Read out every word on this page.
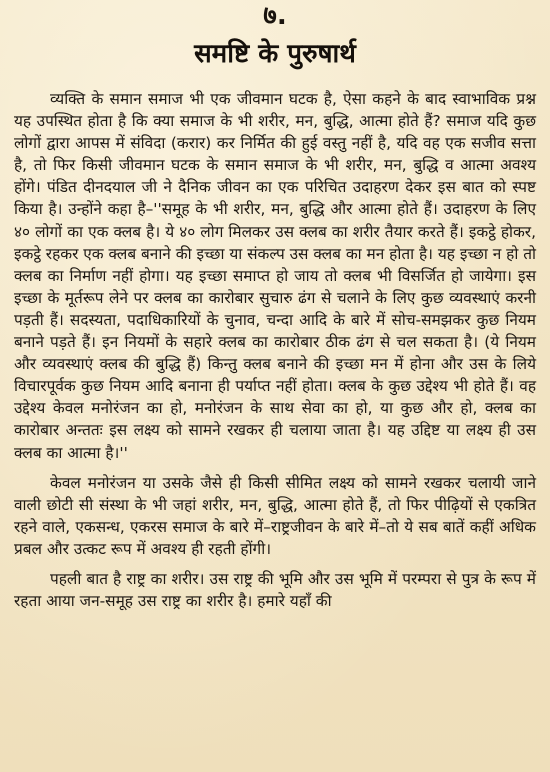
७.
समष्टि के पुरुषार्थ

व्यक्ति के समान समाज भी एक जीवमान घटक है, ऐसा कहने के बाद स्वाभाविक प्रश्न यह उपस्थित होता है कि क्या समाज के भी शरीर, मन, बुद्धि, आत्मा होते हैं? समाज यदि कुछ लोगों द्वारा आपस में संविदा (करार) कर निर्मित की हुई वस्तु नहीं है, यदि वह एक सजीव सत्ता है, तो फिर किसी जीवमान घटक के समान समाज के भी शरीर, मन, बुद्धि व आत्मा अवश्य होंगे। पंडित दीनदयाल जी ने दैनिक जीवन का एक परिचित उदाहरण देकर इस बात को स्पष्ट किया है। उन्होंने कहा है–''समूह के भी शरीर, मन, बुद्धि और आत्मा होते हैं। उदाहरण के लिए ४० लोगों का एक क्लब है। ये ४० लोग मिलकर उस क्लब का शरीर तैयार करते हैं। इकट्ठे होकर, इकट्ठे रहकर एक क्लब बनाने की इच्छा या संकल्प उस क्लब का मन होता है। यह इच्छा न हो तो क्लब का निर्माण नहीं होगा। यह इच्छा समाप्त हो जाय तो क्लब भी विसर्जित हो जायेगा। इस इच्छा के मूर्तरूप लेने पर क्लब का कारोबार सुचारु ढंग से चलाने के लिए कुछ व्यवस्थाएं करनी पड़ती हैं। सदस्यता, पदाधिकारियों के चुनाव, चन्दा आदि के बारे में सोच-समझकर कुछ नियम बनाने पड़ते हैं। इन नियमों के सहारे क्लब का कारोबार ठीक ढंग से चल सकता है। (ये नियम और व्यवस्थाएं क्लब की बुद्धि हैं) किन्तु क्लब बनाने की इच्छा मन में होना और उस के लिये विचारपूर्वक कुछ नियम आदि बनाना ही पर्याप्त नहीं होता। क्लब के कुछ उद्देश्य भी होते हैं। वह उद्देश्य केवल मनोरंजन का हो, मनोरंजन के साथ सेवा का हो, या कुछ और हो, क्लब का कारोबार अन्ततः इस लक्ष्य को सामने रखकर ही चलाया जाता है। यह उद्दिष्ट या लक्ष्य ही उस क्लब का आत्मा है।''

केवल मनोरंजन या उसके जैसे ही किसी सीमित लक्ष्य को सामने रखकर चलायी जाने वाली छोटी सी संस्था के भी जहां शरीर, मन, बुद्धि, आत्मा होते हैं, तो फिर पीढ़ियों से एकत्रित रहने वाले, एकसन्ध, एकरस समाज के बारे में–राष्ट्रजीवन के बारे में–तो ये सब बातें कहीं अधिक प्रबल और उत्कट रूप में अवश्य ही रहती होंगी।

पहली बात है राष्ट्र का शरीर। उस राष्ट्र की भूमि और उस भूमि में परम्परा से पुत्र के रूप में रहता आया जन-समूह उस राष्ट्र का शरीर है। हमारे यहाँ की
